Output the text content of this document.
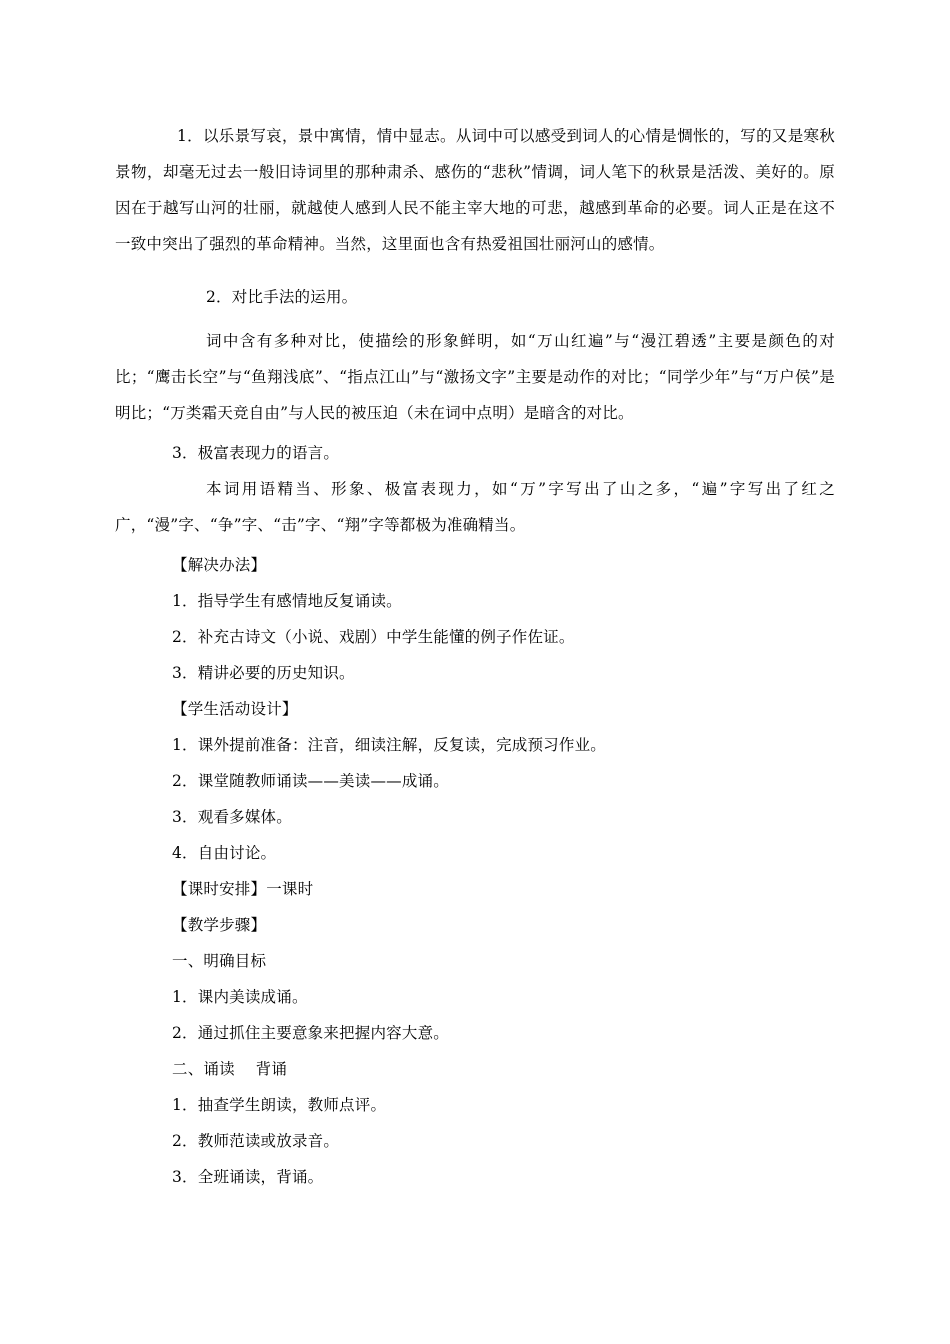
1．以乐景写哀，景中寓情，情中显志。从词中可以感受到词人的心情是惆怅的，写的又是寒秋景物，却毫无过去一般旧诗词里的那种肃杀、感伤的“悲秋”情调，词人笔下的秋景是活泼、美好的。原因在于越写山河的壮丽，就越使人感到人民不能主宰大地的可悲，越感到革命的必要。词人正是在这不一致中突出了强烈的革命精神。当然，这里面也含有热爱祖国壮丽河山的感情。
2．对比手法的运用。
词中含有多种对比，使描绘的形象鲜明，如“万山红遍”与“漫江碧透”主要是颜色的对比；“鹰击长空”与“鱼翔浅底”、“指点江山”与“激扬文字”主要是动作的对比；“同学少年”与“万户侯”是明比；“万类霜天竞自由”与人民的被压迫（未在词中点明）是暗含的对比。
3．极富表现力的语言。
本词用语精当、形象、极富表现力，如“万”字写出了山之多，“遍”字写出了红之广，“漫”字、“争”字、“击”字、“翔”字等都极为准确精当。
【解决办法】
1．指导学生有感情地反复诵读。
2．补充古诗文（小说、戏剧）中学生能懂的例子作佐证。
3．精讲必要的历史知识。
【学生活动设计】
1．课外提前准备：注音，细读注解，反复读，完成预习作业。
2．课堂随教师诵读——美读——成诵。
3．观看多媒体。
4．自由讨论。
【课时安排】一课时
【教学步骤】
一、明确目标
1．课内美读成诵。
2．通过抓住主要意象来把握内容大意。
二、诵读　 背诵
1．抽查学生朗读，教师点评。
2．教师范读或放录音。
3．全班诵读，背诵。
